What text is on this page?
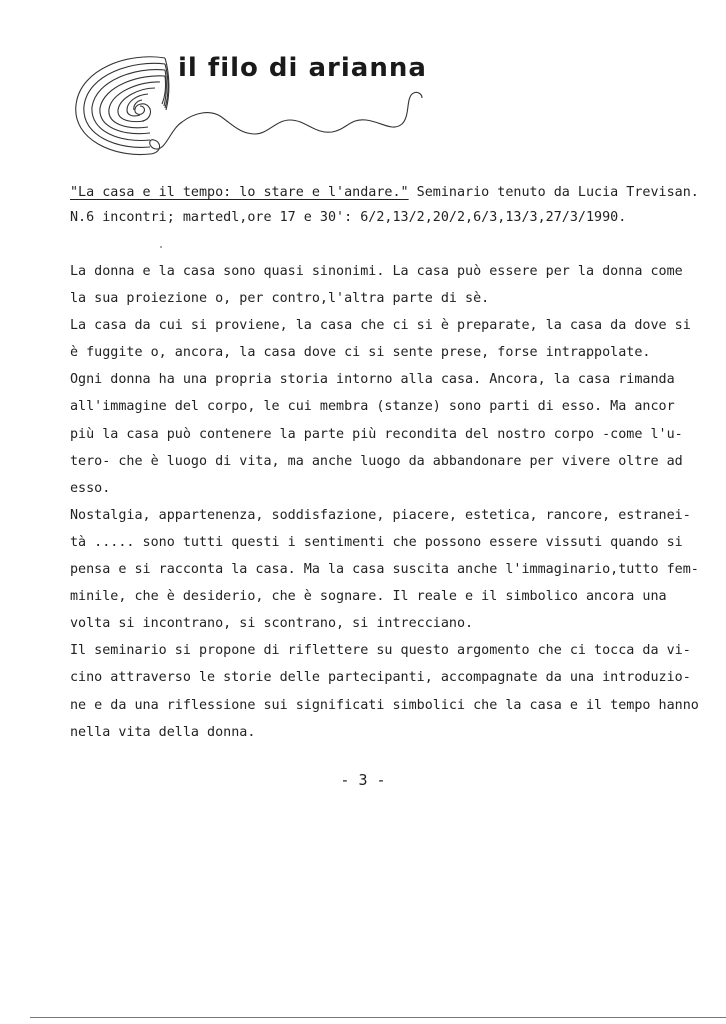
il filo di arianna
"La casa e il tempo: lo stare e l'andare." Seminario tenuto da Lucia Trevisan.
N.6 incontri; martedl,ore 17 e 30': 6/2,13/2,20/2,6/3,13/3,27/3/1990.
La donna e la casa sono quasi sinonimi. La casa può essere per la donna come
la sua proiezione o, per contro,l'altra parte di sè.
La casa da cui si proviene, la casa che ci si è preparate, la casa da dove si
è fuggite o, ancora, la casa dove ci si sente prese, forse intrappolate.
Ogni donna ha una propria storia intorno alla casa. Ancora, la casa rimanda
all'immagine del corpo, le cui membra (stanze) sono parti di esso. Ma ancor
più la casa può contenere la parte più recondita del nostro corpo -come l'u-
tero- che è luogo di vita, ma anche luogo da abbandonare per vivere oltre ad
esso.
Nostalgia, appartenenza, soddisfazione, piacere, estetica, rancore, estranei-
tà ..... sono tutti questi i sentimenti che possono essere vissuti quando si
pensa e si racconta la casa. Ma la casa suscita anche l'immaginario,tutto fem-
minile, che è desiderio, che è sognare. Il reale e il simbolico ancora una
volta si incontrano, si scontrano, si intrecciano.
Il seminario si propone di riflettere su questo argomento che ci tocca da vi-
cino attraverso le storie delle partecipanti, accompagnate da una introduzio-
ne e da una riflessione sui significati simbolici che la casa e il tempo hanno
nella vita della donna.
- 3 -
